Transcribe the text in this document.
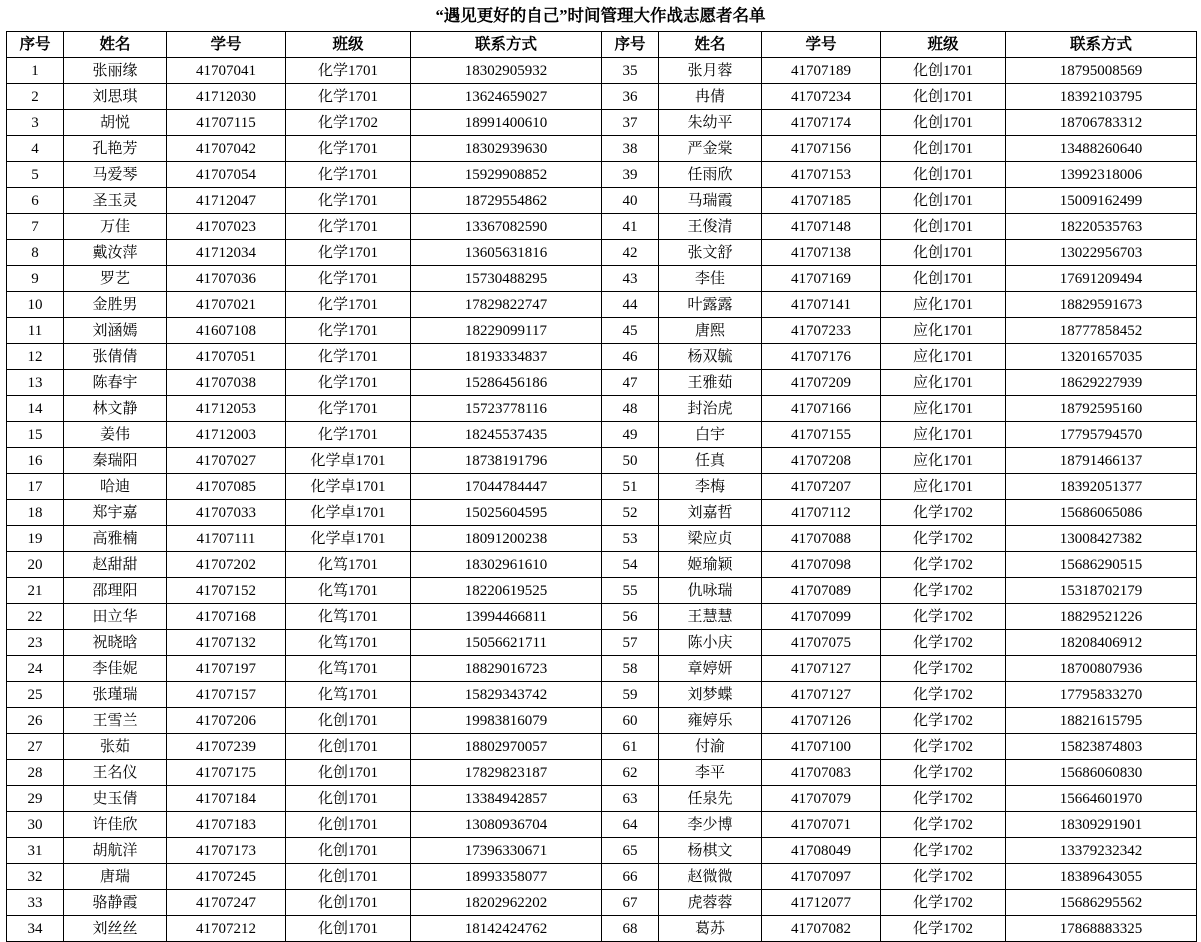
“遇见更好的自己”时间管理大作战志愿者名单
序号	姓名	学号	班级	联系方式	序号	姓名	学号	班级	联系方式
1	张丽缘	41707041	化学1701	18302905932	35	张月蓉	41707189	化创1701	18795008569
2	刘思琪	41712030	化学1701	13624659027	36	冉倩	41707234	化创1701	18392103795
3	胡悦	41707115	化学1702	18991400610	37	朱幼平	41707174	化创1701	18706783312
4	孔艳芳	41707042	化学1701	18302939630	38	严金棠	41707156	化创1701	13488260640
5	马爱琴	41707054	化学1701	15929908852	39	任雨欣	41707153	化创1701	13992318006
6	圣玉灵	41712047	化学1701	18729554862	40	马瑞霞	41707185	化创1701	15009162499
7	万佳	41707023	化学1701	13367082590	41	王俊清	41707148	化创1701	18220535763
8	戴汝萍	41712034	化学1701	13605631816	42	张文舒	41707138	化创1701	13022956703
9	罗艺	41707036	化学1701	15730488295	43	李佳	41707169	化创1701	17691209494
10	金胜男	41707021	化学1701	17829822747	44	叶露露	41707141	应化1701	18829591673
11	刘涵嫣	41607108	化学1701	18229099117	45	唐熙	41707233	应化1701	18777858452
12	张倩倩	41707051	化学1701	18193334837	46	杨双毓	41707176	应化1701	13201657035
13	陈春宇	41707038	化学1701	15286456186	47	王雅茹	41707209	应化1701	18629227939
14	林文静	41712053	化学1701	15723778116	48	封治虎	41707166	应化1701	18792595160
15	姜伟	41712003	化学1701	18245537435	49	白宇	41707155	应化1701	17795794570
16	秦瑞阳	41707027	化学卓1701	18738191796	50	任真	41707208	应化1701	18791466137
17	哈迪	41707085	化学卓1701	17044784447	51	李梅	41707207	应化1701	18392051377
18	郑宇嘉	41707033	化学卓1701	15025604595	52	刘嘉哲	41707112	化学1702	15686065086
19	高雅楠	41707111	化学卓1701	18091200238	53	梁应贞	41707088	化学1702	13008427382
20	赵甜甜	41707202	化笃1701	18302961610	54	姬瑜颖	41707098	化学1702	15686290515
21	邵理阳	41707152	化笃1701	18220619525	55	仇咏瑞	41707089	化学1702	15318702179
22	田立华	41707168	化笃1701	13994466811	56	王慧慧	41707099	化学1702	18829521226
23	祝晓晗	41707132	化笃1701	15056621711	57	陈小庆	41707075	化学1702	18208406912
24	李佳妮	41707197	化笃1701	18829016723	58	章婷妍	41707127	化学1702	18700807936
25	张瑾瑞	41707157	化笃1701	15829343742	59	刘梦蝶	41707127	化学1702	17795833270
26	王雪兰	41707206	化创1701	19983816079	60	雍婷乐	41707126	化学1702	18821615795
27	张茹	41707239	化创1701	18802970057	61	付渝	41707100	化学1702	15823874803
28	王名仪	41707175	化创1701	17829823187	62	李平	41707083	化学1702	15686060830
29	史玉倩	41707184	化创1701	13384942857	63	任泉先	41707079	化学1702	15664601970
30	许佳欣	41707183	化创1701	13080936704	64	李少博	41707071	化学1702	18309291901
31	胡航洋	41707173	化创1701	17396330671	65	杨棋文	41708049	化学1702	13379232342
32	唐瑞	41707245	化创1701	18993358077	66	赵微微	41707097	化学1702	18389643055
33	骆静霞	41707247	化创1701	18202962202	67	虎蓉蓉	41712077	化学1702	15686295562
34	刘丝丝	41707212	化创1701	18142424762	68	葛苏	41707082	化学1702	17868883325
